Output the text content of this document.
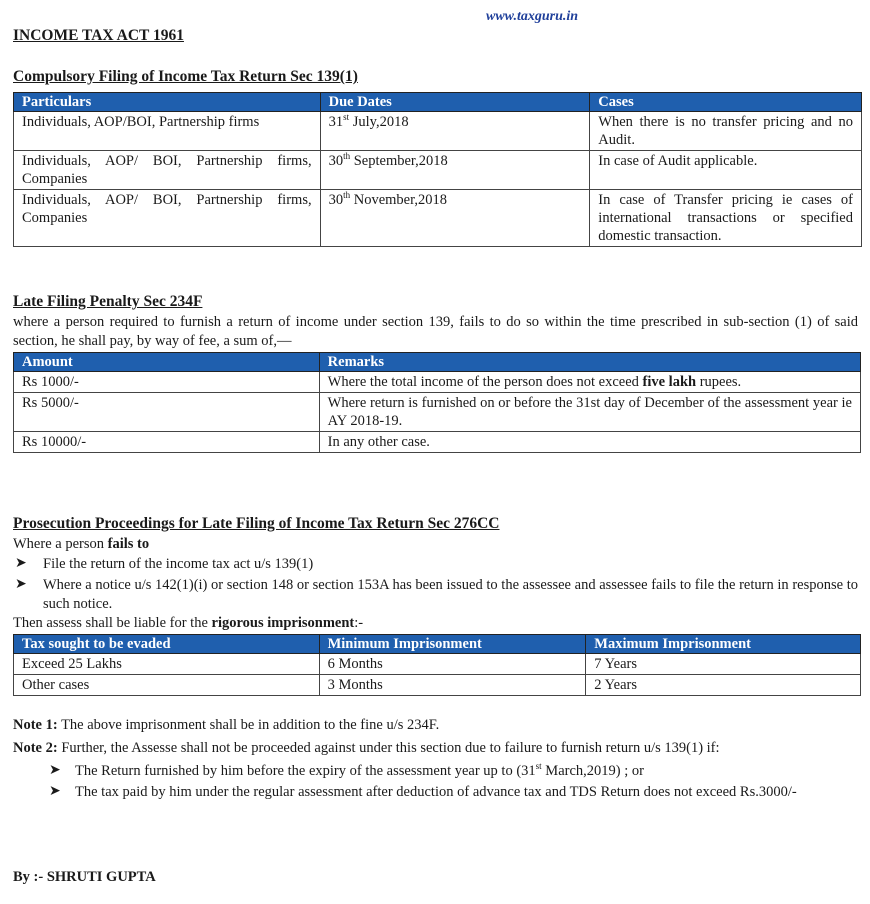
www.taxguru.in
INCOME TAX ACT 1961
Compulsory Filing of Income Tax Return Sec 139(1)
Particulars	Due Dates	Cases
Individuals, AOP/BOI, Partnership firms	31st July,2018	When there is no transfer pricing and no Audit.
Individuals, AOP/ BOI, Partnership firms, Companies	30th September,2018	In case of Audit applicable.
Individuals, AOP/ BOI, Partnership firms, Companies	30th November,2018	In case of Transfer pricing ie cases of international transactions or specified domestic transaction.
Late Filing Penalty Sec 234F
where a person required to furnish a return of income under section 139, fails to do so within the time prescribed in sub-section (1) of said section, he shall pay, by way of fee, a sum of,—
Amount	Remarks
Rs 1000/-	Where the total income of the person does not exceed five lakh rupees.
Rs 5000/-	Where return is furnished on or before the 31st day of December of the assessment year ie AY 2018-19.
Rs 10000/-	In any other case.
Prosecution Proceedings for Late Filing of Income Tax Return Sec 276CC
Where a person fails to
➤ File the return of the income tax act u/s 139(1)
➤ Where a notice u/s 142(1)(i) or section 148 or section 153A has been issued to the assessee and assessee fails to file the return in response to such notice.
Then assess shall be liable for the rigorous imprisonment:-
Tax sought to be evaded	Minimum Imprisonment	Maximum Imprisonment
Exceed 25 Lakhs	6 Months	7 Years
Other cases	3 Months	2 Years
Note 1: The above imprisonment shall be in addition to the fine u/s 234F.
Note 2: Further, the Assesse shall not be proceeded against under this section due to failure to furnish return u/s 139(1) if:
➤ The Return furnished by him before the expiry of the assessment year up to (31st March,2019) ; or
➤ The tax paid by him under the regular assessment after deduction of advance tax and TDS Return does not exceed Rs.3000/-
By :- SHRUTI GUPTA
